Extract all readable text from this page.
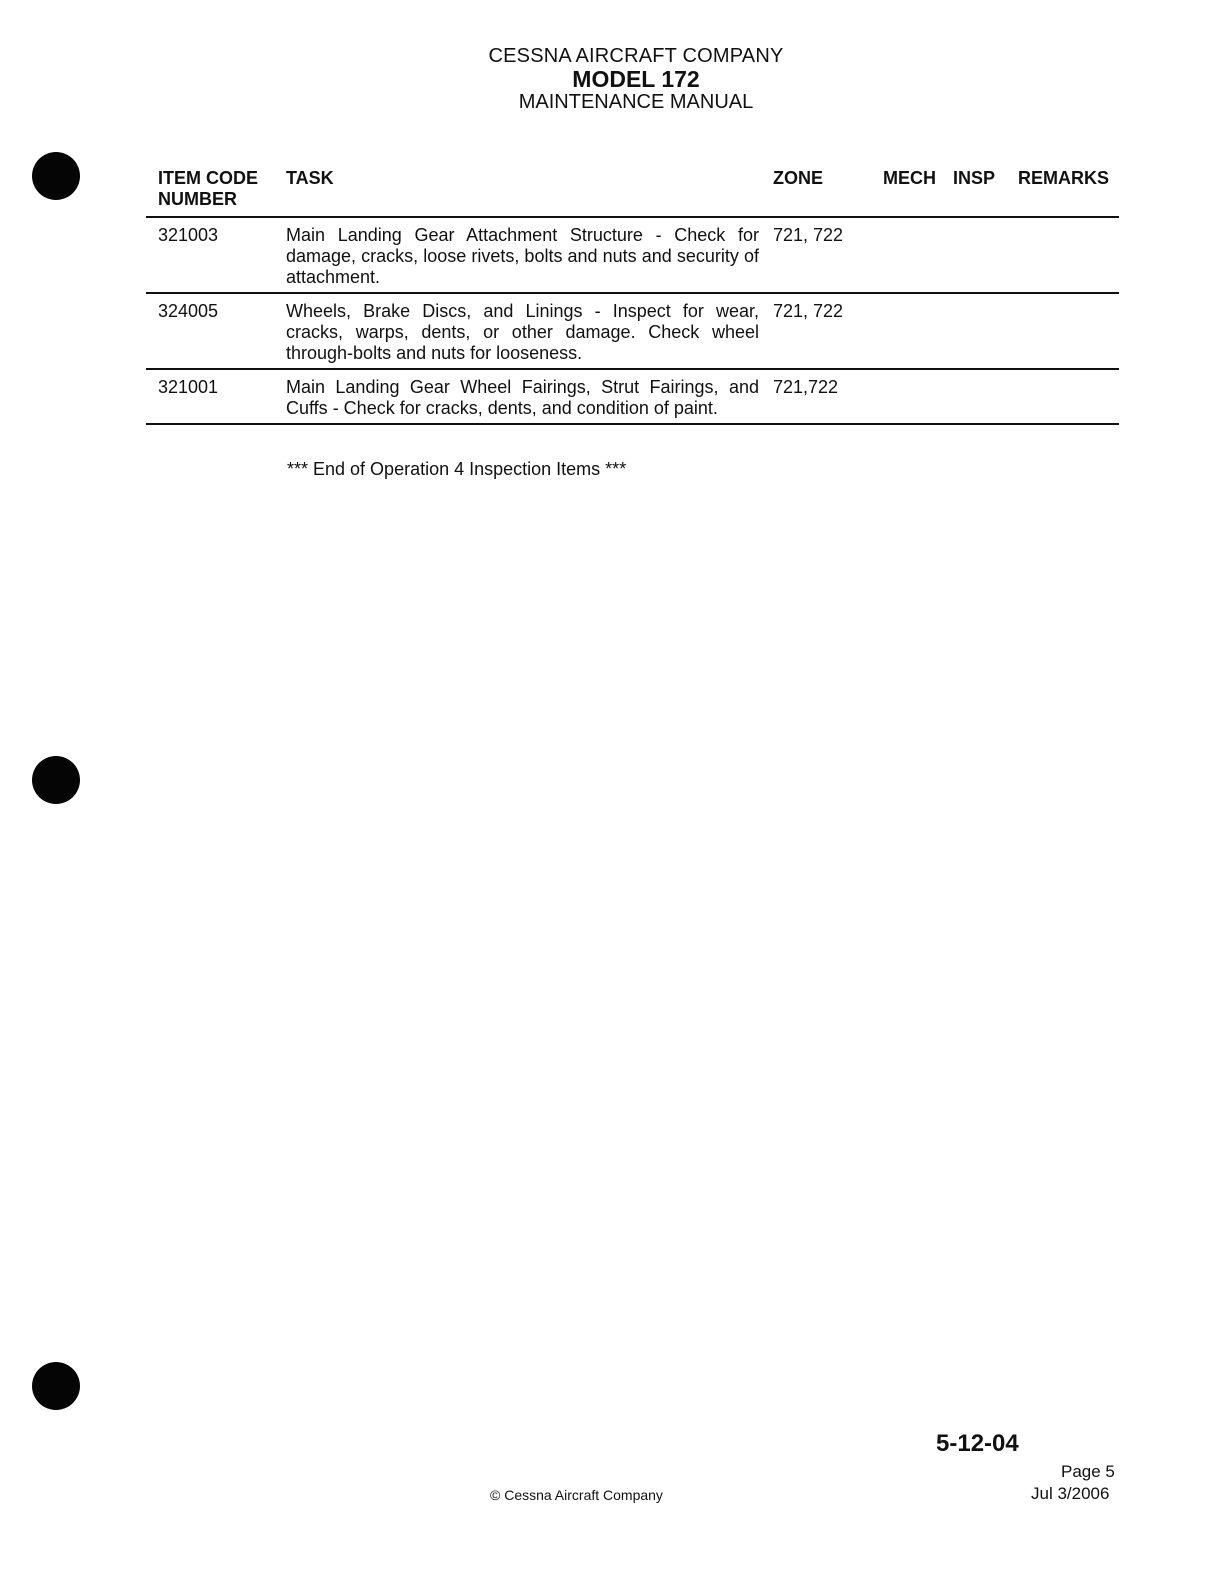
CESSNA AIRCRAFT COMPANY
MODEL 172
MAINTENANCE MANUAL
ITEM CODE
NUMBER	TASK	ZONE	MECH	INSP	REMARKS
321003	Main Landing Gear Attachment Structure - Check for damage, cracks, loose rivets, bolts and nuts and security of attachment.	721, 722			
324005	Wheels, Brake Discs, and Linings - Inspect for wear, cracks, warps, dents, or other damage. Check wheel through-bolts and nuts for looseness.	721, 722			
321001	Main Landing Gear Wheel Fairings, Strut Fairings, and Cuffs - Check for cracks, dents, and condition of paint.	721,722			
*** End of Operation 4 Inspection Items ***
5-12-04
Page 5
Jul 3/2006
© Cessna Aircraft Company
